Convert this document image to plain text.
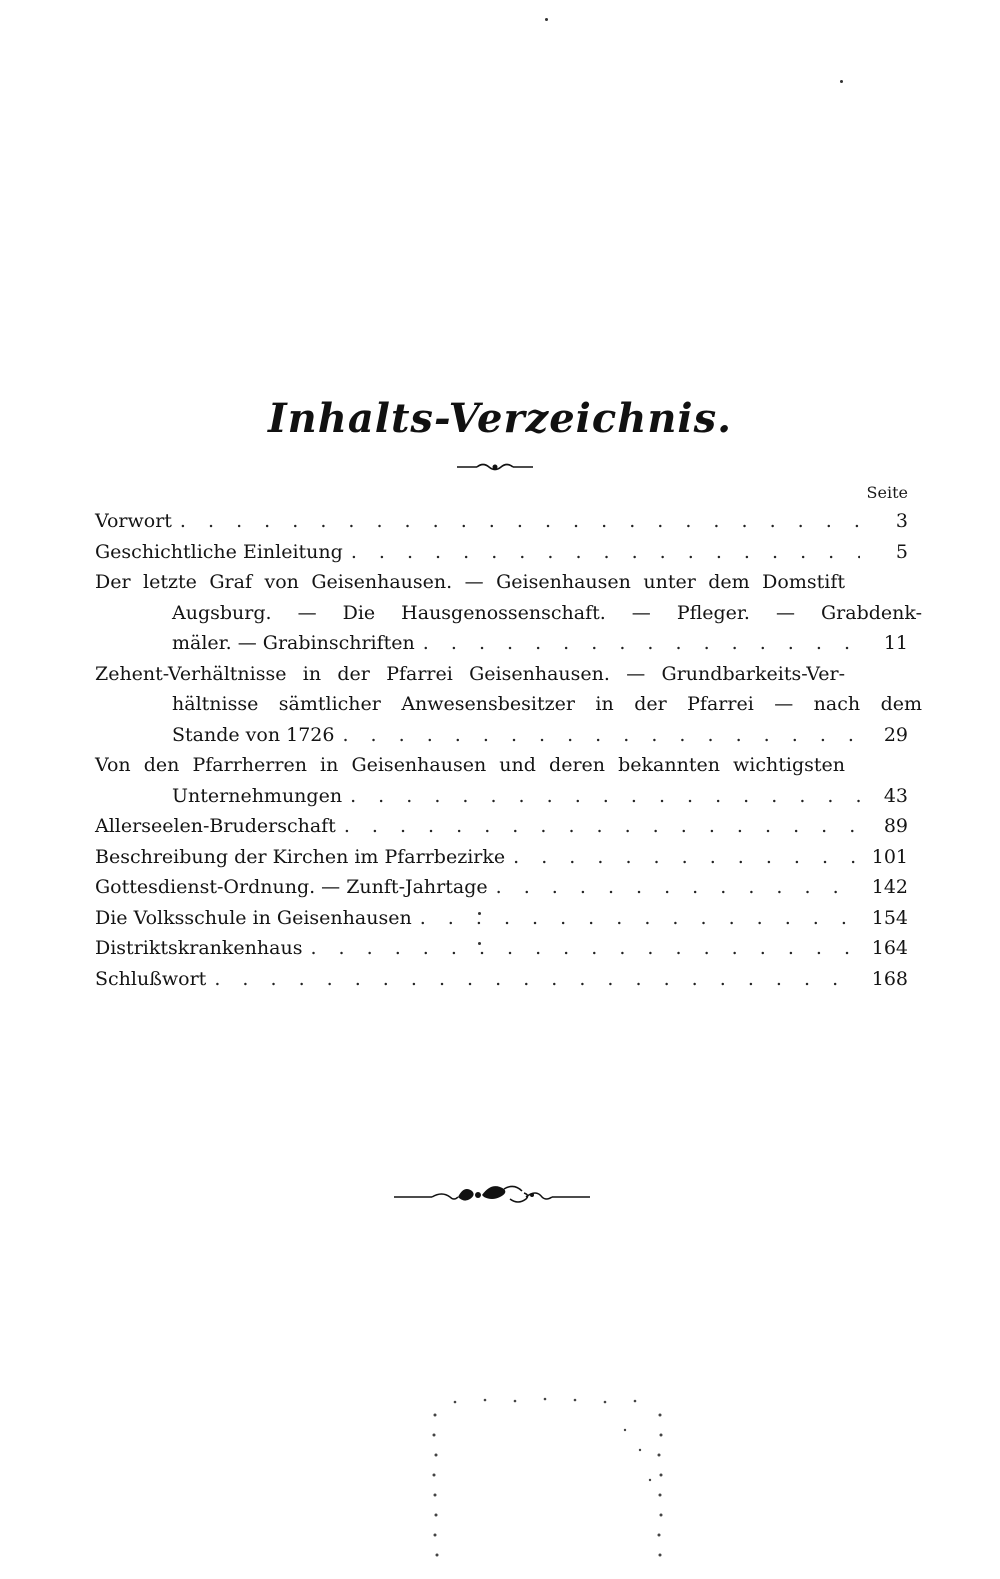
Inhalts-Verzeichnis.
Seite
Vorwort . . .	3
Geschichtliche Einleitung . . .	5
Der letzte Graf von Geisenhausen. — Geisenhausen unter dem Domstift
Augsburg. — Die Hausgenossenschaft. — Pfleger. — Grabdenk-
mäler. — Grabinschriften . . .	11
Zehent-Verhältnisse in der Pfarrei Geisenhausen. — Grundbarkeits-Ver-
hältnisse sämtlicher Anwesensbesitzer in der Pfarrei — nach dem
Stande von 1726 . . .	29
Von den Pfarrherren in Geisenhausen und deren bekannten wichtigsten
Unternehmungen . . .	43
Allerseelen-Bruderschaft . . .	89
Beschreibung der Kirchen im Pfarrbezirke . . .	101
Gottesdienst-Ordnung. — Zunft-Jahrtage . . .	142
Die Volksschule in Geisenhausen . . .	154
Distriktskrankenhaus . . .	164
Schlußwort . . .	168
